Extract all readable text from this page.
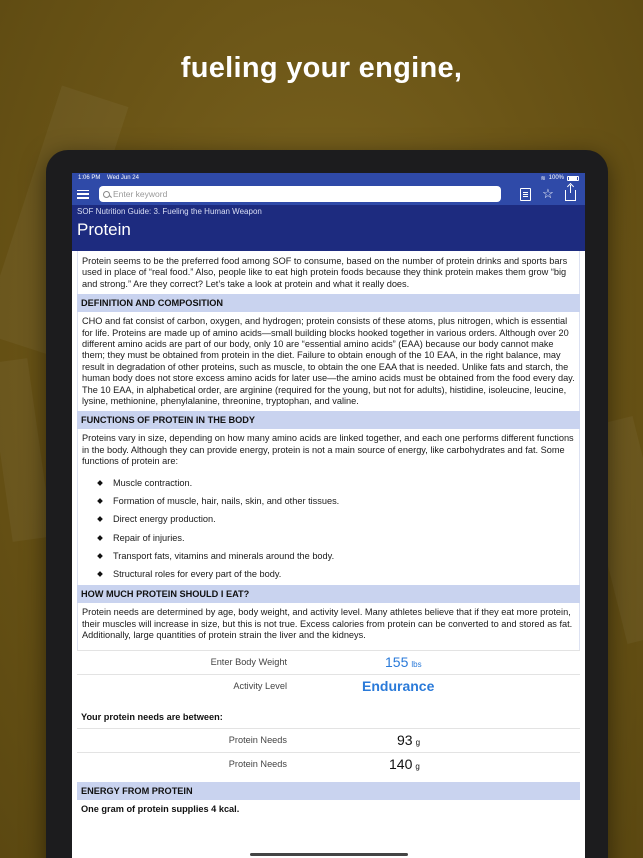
fueling your engine,
1:06 PM Wed Jun 24	≋ 100%
Enter keyword	☆
SOF Nutrition Guide: 3. Fueling the Human Weapon
Protein
Protein seems to be the preferred food among SOF to consume, based on the number of protein drinks and sports bars used in place of “real food.” Also, people like to eat high protein foods because they think protein makes them grow “big and strong.” Are they correct? Let’s take a look at protein and what it really does.
DEFINITION AND COMPOSITION
CHO and fat consist of carbon, oxygen, and hydrogen; protein consists of these atoms, plus nitrogen, which is essential for life. Proteins are made up of amino acids—small building blocks hooked together in various orders. Although over 20 different amino acids are part of our body, only 10 are “essential amino acids” (EAA) because our body cannot make them; they must be obtained from protein in the diet. Failure to obtain enough of the 10 EAA, in the right balance, may result in degradation of other proteins, such as muscle, to obtain the one EAA that is needed. Unlike fats and starch, the human body does not store excess amino acids for later use—the amino acids must be obtained from the food every day. The 10 EAA, in alphabetical order, are arginine (required for the young, but not for adults), histidine, isoleucine, leucine, lysine, methionine, phenylalanine, threonine, tryptophan, and valine.
FUNCTIONS OF PROTEIN IN THE BODY
Proteins vary in size, depending on how many amino acids are linked together, and each one performs different functions in the body. Although they can provide energy, protein is not a main source of energy, like carbohydrates and fat. Some functions of protein are:
Muscle contraction.
Formation of muscle, hair, nails, skin, and other tissues.
Direct energy production.
Repair of injuries.
Transport fats, vitamins and minerals around the body.
Structural roles for every part of the body.
HOW MUCH PROTEIN SHOULD I EAT?
Protein needs are determined by age, body weight, and activity level. Many athletes believe that if they eat more protein, their muscles will increase in size, but this is not true. Excess calories from protein can be converted to and stored as fat. Additionally, large quantities of protein strain the liver and the kidneys.
Enter Body Weight	155 lbs
Activity Level	Endurance
Your protein needs are between:
Protein Needs	93 g
Protein Needs	140 g
ENERGY FROM PROTEIN
One gram of protein supplies 4 kcal.
